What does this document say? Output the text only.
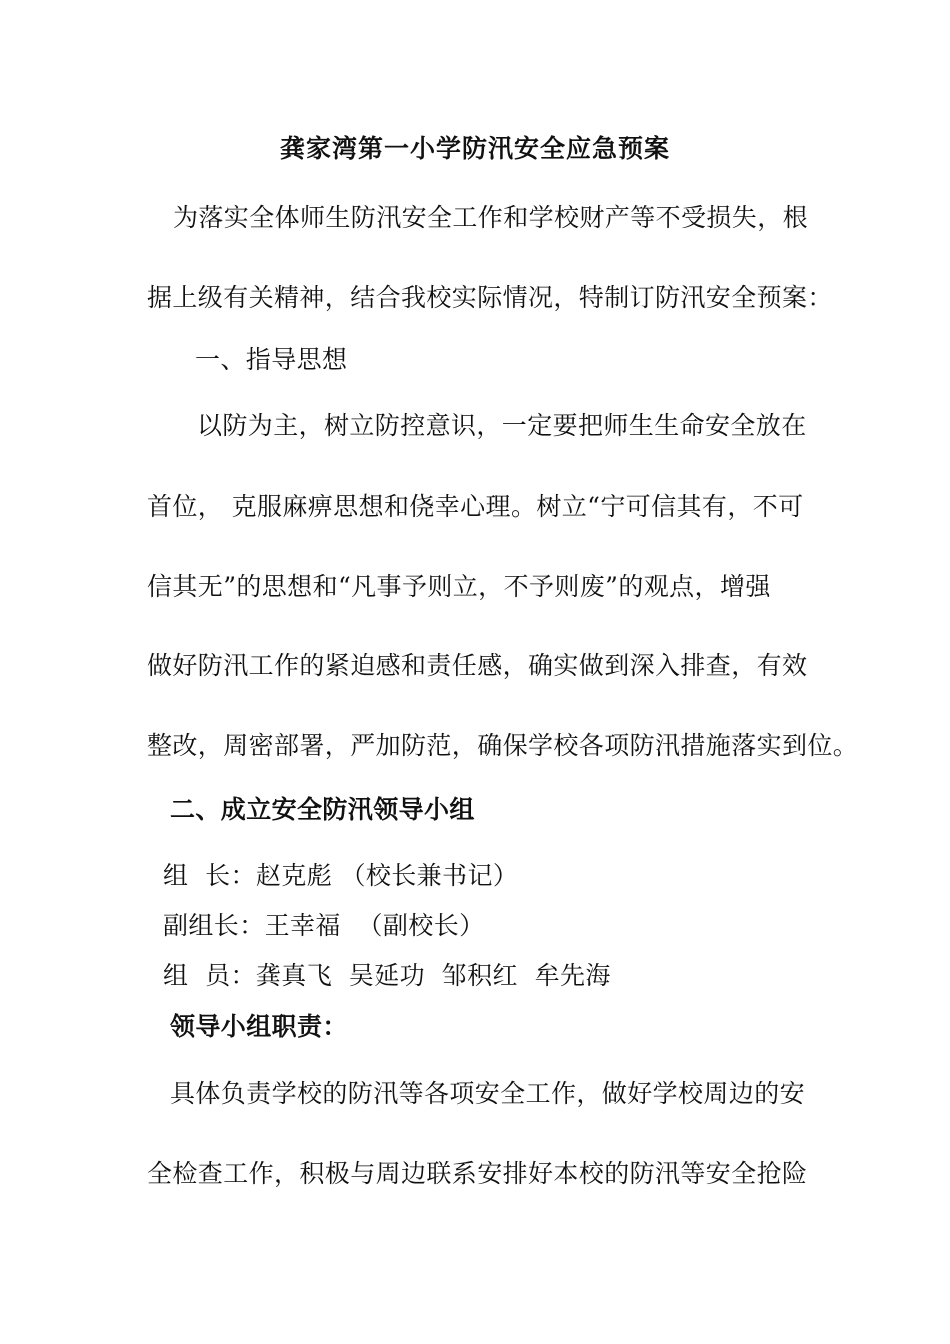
龚家湾第一小学防汛安全应急预案
为落实全体师生防汛安全工作和学校财产等不受损失，根
据上级有关精神，结合我校实际情况，特制订防汛安全预案：
一、指导思想
以防为主，树立防控意识，一定要把师生生命安全放在
首位， 克服麻痹思想和侥幸心理。树立“宁可信其有，不可
信其无”的思想和“凡事予则立，不予则废”的观点，增强
做好防汛工作的紧迫感和责任感，确实做到深入排查，有效
整改，周密部署，严加防范，确保学校各项防汛措施落实到位。
二、成立安全防汛领导小组
组  长：赵克彪 （校长兼书记）
副组长：王幸福  （副校长）
组  员：龚真飞  吴延功  邹积红  牟先海
领导小组职责：
具体负责学校的防汛等各项安全工作，做好学校周边的安
全检查工作，积极与周边联系安排好本校的防汛等安全抢险
